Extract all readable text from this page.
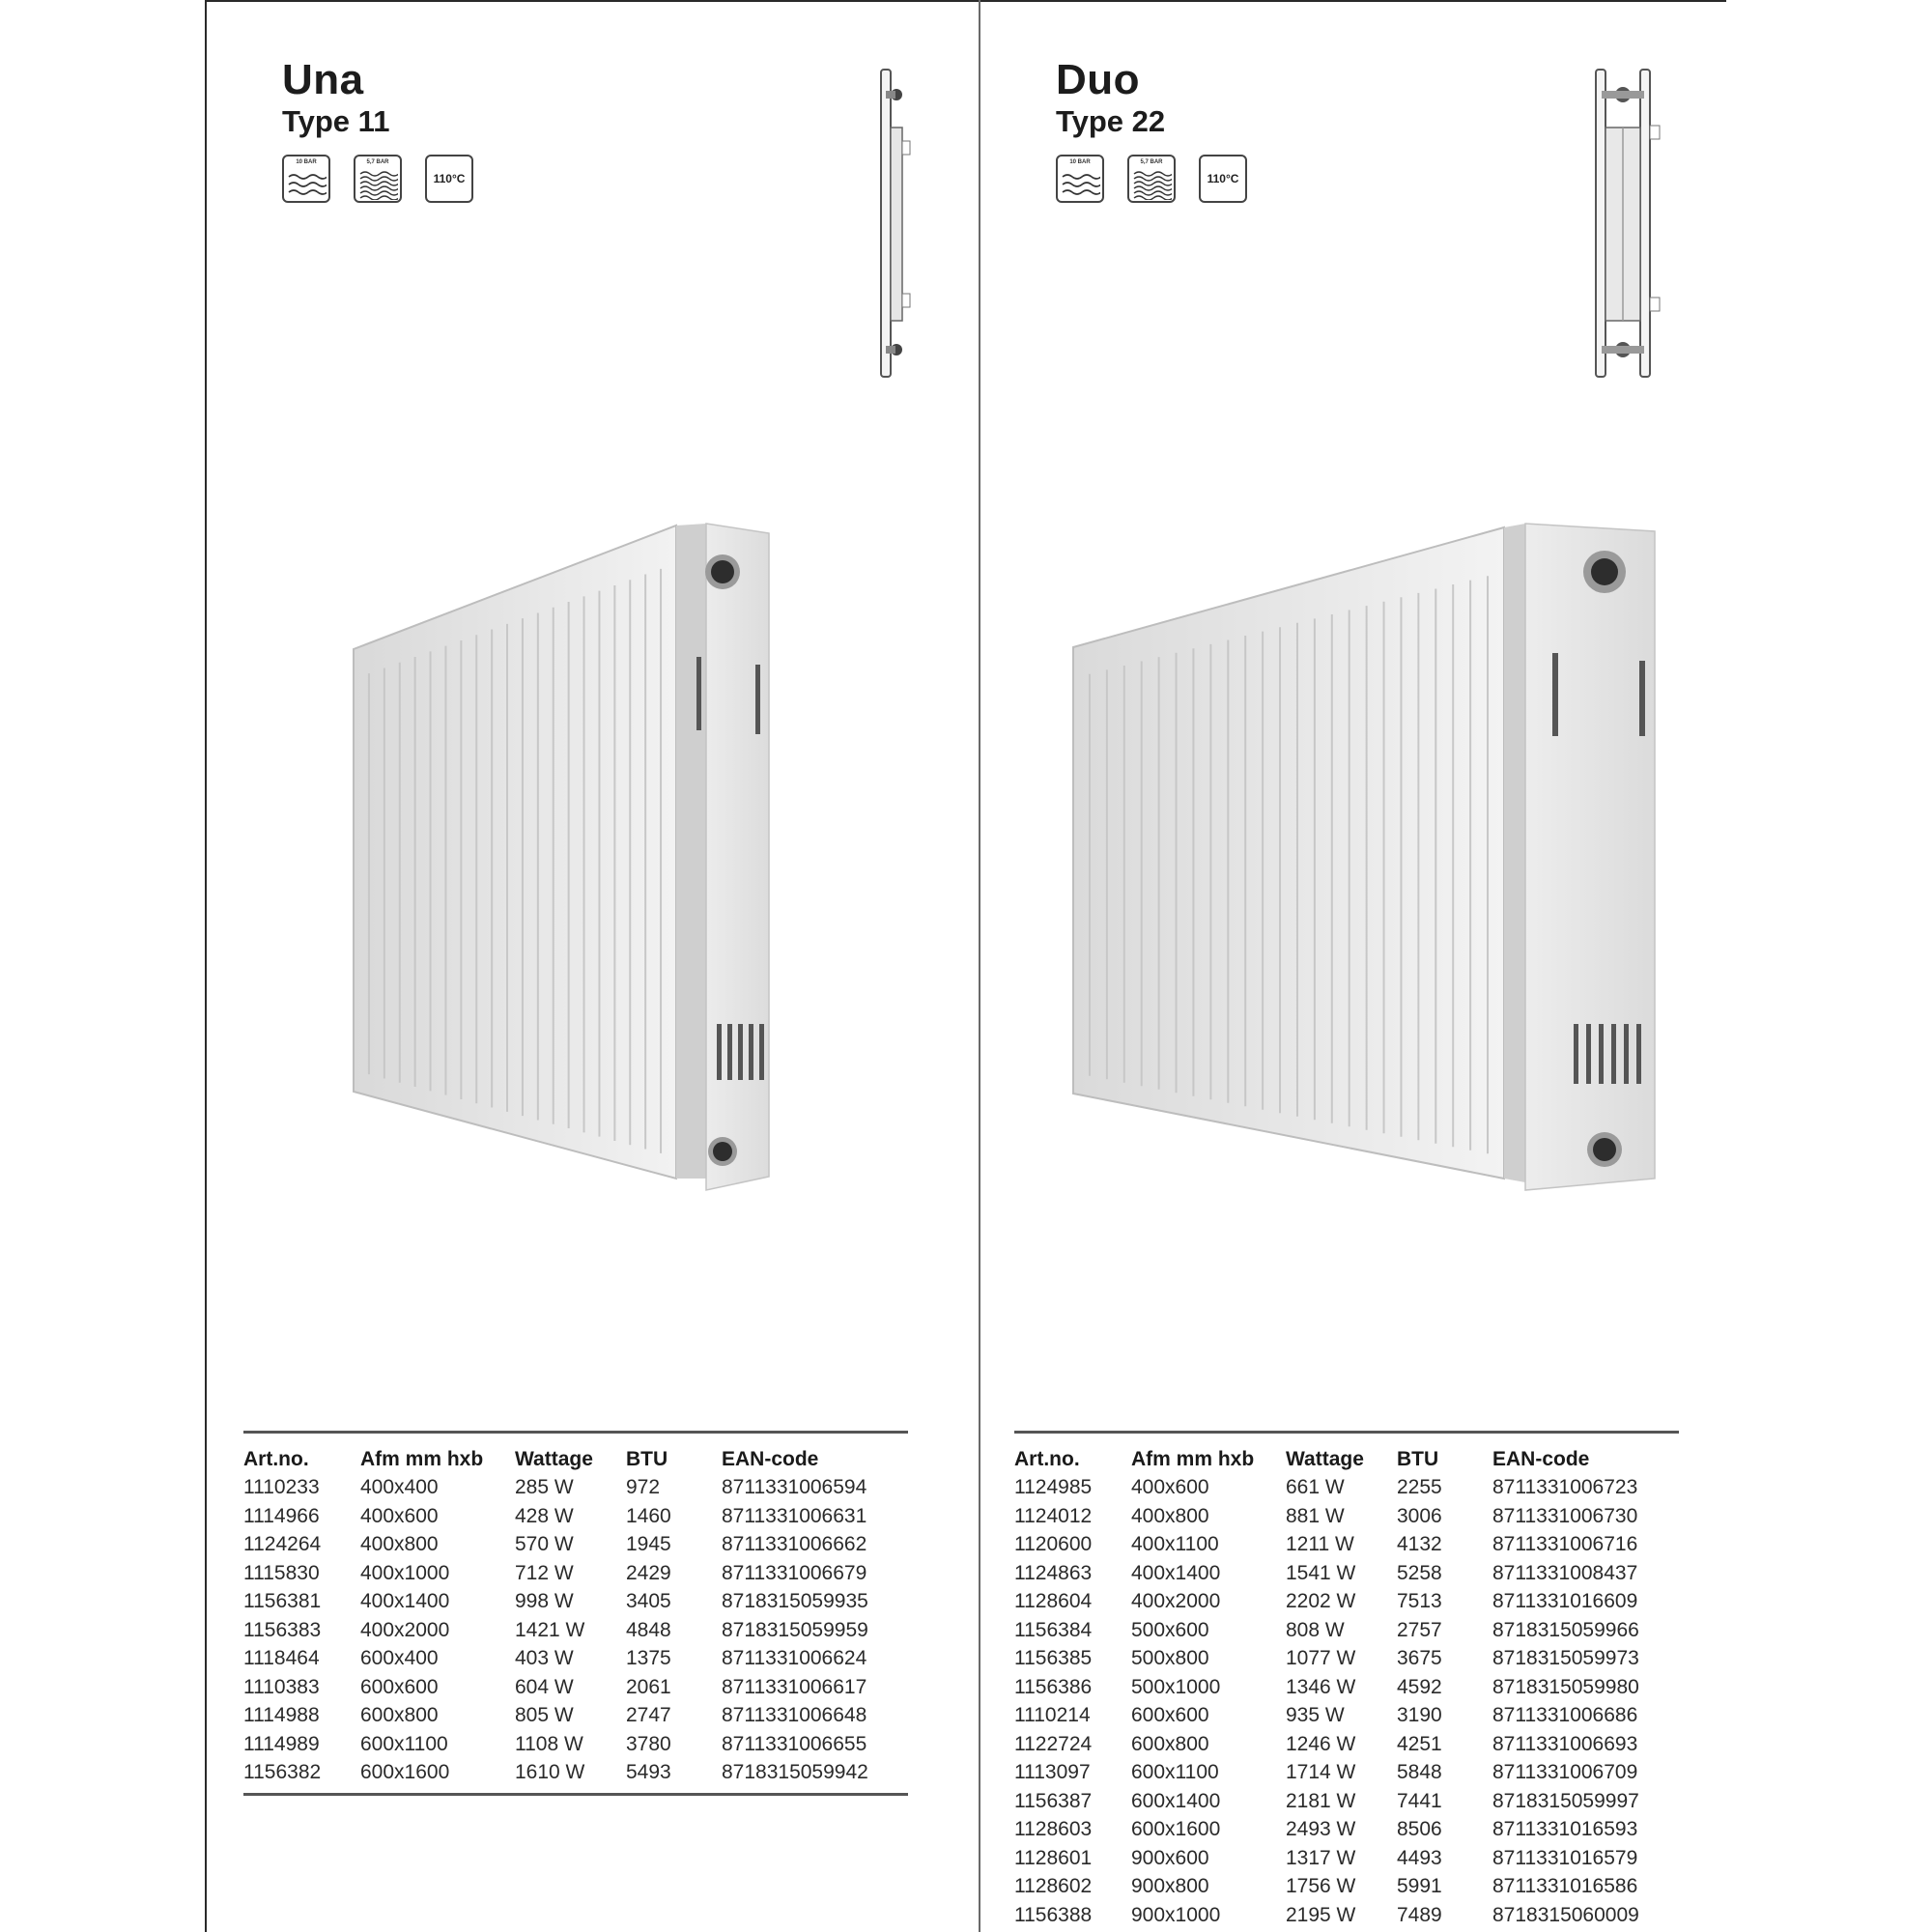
Una
Type 11
10 BAR	5,7 BAR
110°C
Art.no.	Afm mm hxb	Wattage	BTU	EAN-code
1110233	400x400	285 W	972	8711331006594
1114966	400x600	428 W	1460	8711331006631
1124264	400x800	570 W	1945	8711331006662
1115830	400x1000	712 W	2429	8711331006679
1156381	400x1400	998 W	3405	8718315059935
1156383	400x2000	1421 W	4848	8718315059959
1118464	600x400	403 W	1375	8711331006624
1110383	600x600	604 W	2061	8711331006617
1114988	600x800	805 W	2747	8711331006648
1114989	600x1100	1108 W	3780	8711331006655
1156382	600x1600	1610 W	5493	8718315059942
Duo
Type 22
10 BAR	5,7 BAR
110°C
Art.no.	Afm mm hxb	Wattage	BTU	EAN-code
1124985	400x600	661 W	2255	8711331006723
1124012	400x800	881 W	3006	8711331006730
1120600	400x1100	1211 W	4132	8711331006716
1124863	400x1400	1541 W	5258	8711331008437
1128604	400x2000	2202 W	7513	8711331016609
1156384	500x600	808 W	2757	8718315059966
1156385	500x800	1077 W	3675	8718315059973
1156386	500x1000	1346 W	4592	8718315059980
1110214	600x600	935 W	3190	8711331006686
1122724	600x800	1246 W	4251	8711331006693
1113097	600x1100	1714 W	5848	8711331006709
1156387	600x1400	2181 W	7441	8718315059997
1128603	600x1600	2493 W	8506	8711331016593
1128601	900x600	1317 W	4493	8711331016579
1128602	900x800	1756 W	5991	8711331016586
1156388	900x1000	2195 W	7489	8718315060009
